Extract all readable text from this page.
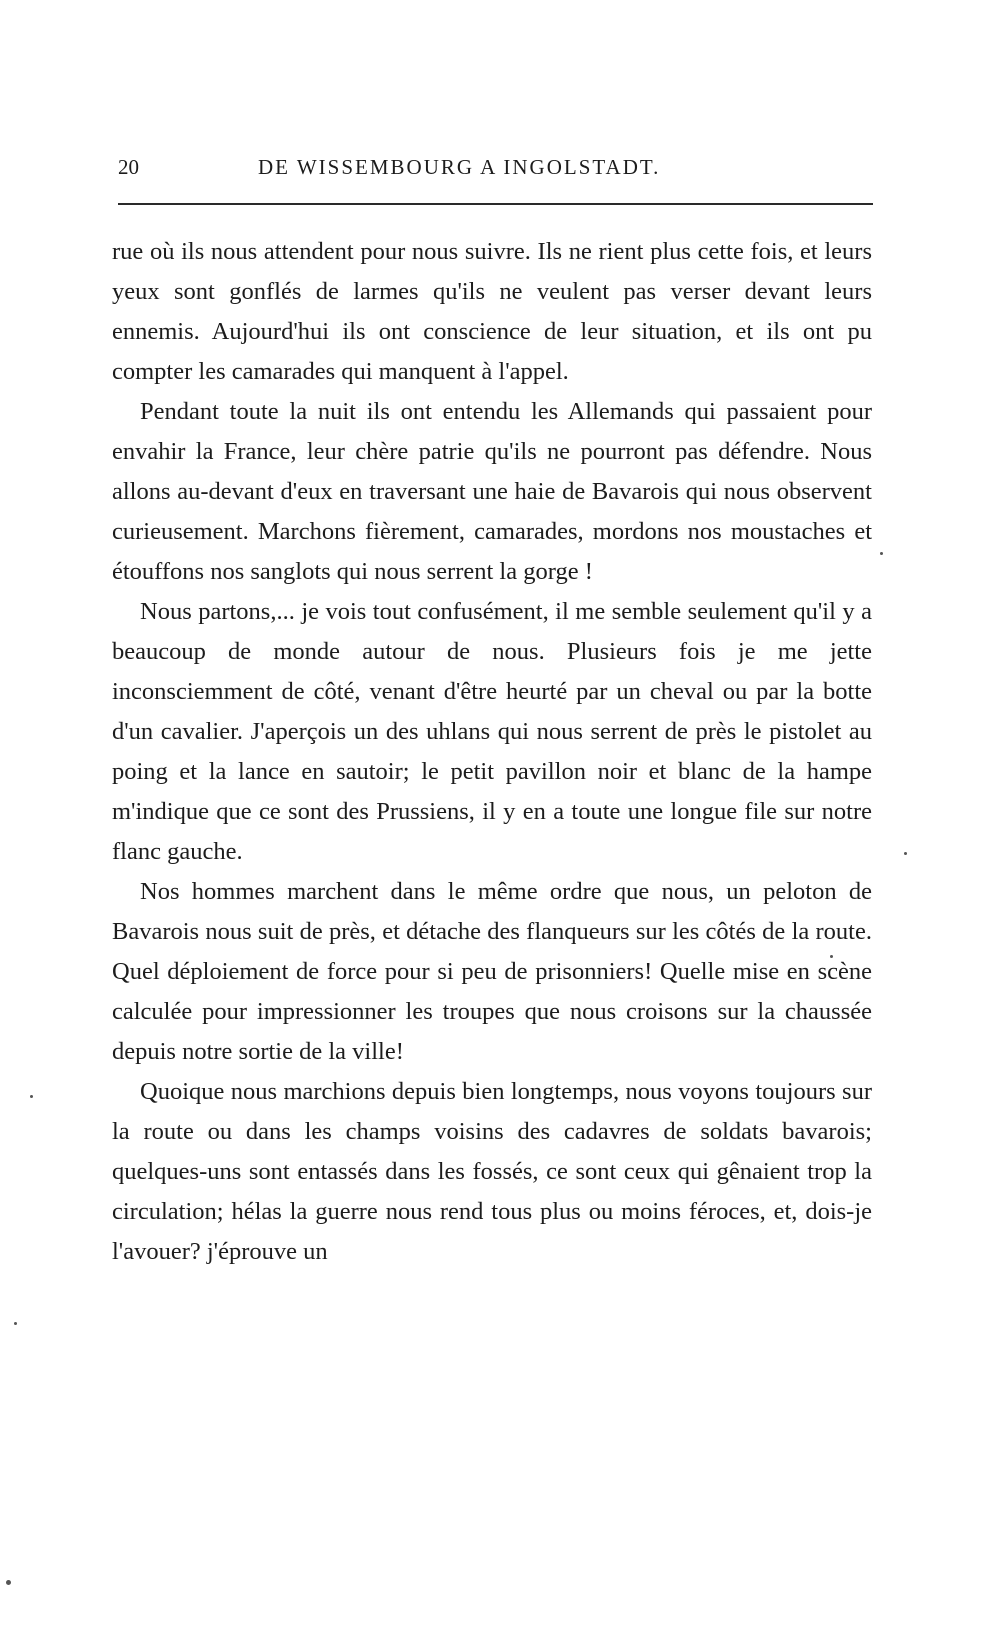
20	DE WISSEMBOURG A INGOLSTADT.

rue où ils nous attendent pour nous suivre. Ils ne rient plus cette fois, et leurs yeux sont gonflés de larmes qu'ils ne veulent pas verser devant leurs ennemis. Aujourd'hui ils ont conscience de leur situation, et ils ont pu compter les camarades qui manquent à l'appel.

Pendant toute la nuit ils ont entendu les Allemands qui passaient pour envahir la France, leur chère patrie qu'ils ne pourront pas défendre. Nous allons au-devant d'eux en traversant une haie de Bavarois qui nous observent curieusement. Marchons fièrement, camarades, mordons nos moustaches et étouffons nos sanglots qui nous serrent la gorge !

Nous partons,... je vois tout confusément, il me semble seulement qu'il y a beaucoup de monde autour de nous. Plusieurs fois je me jette inconsciemment de côté, venant d'être heurté par un cheval ou par la botte d'un cavalier. J'aperçois un des uhlans qui nous serrent de près le pistolet au poing et la lance en sautoir; le petit pavillon noir et blanc de la hampe m'indique que ce sont des Prussiens, il y en a toute une longue file sur notre flanc gauche.

Nos hommes marchent dans le même ordre que nous, un peloton de Bavarois nous suit de près, et détache des flanqueurs sur les côtés de la route. Quel déploiement de force pour si peu de prisonniers! Quelle mise en scène calculée pour impressionner les troupes que nous croisons sur la chaussée depuis notre sortie de la ville!

Quoique nous marchions depuis bien longtemps, nous voyons toujours sur la route ou dans les champs voisins des cadavres de soldats bavarois; quelques-uns sont entassés dans les fossés, ce sont ceux qui gênaient trop la circulation; hélas la guerre nous rend tous plus ou moins féroces, et, dois-je l'avouer? j'éprouve un
